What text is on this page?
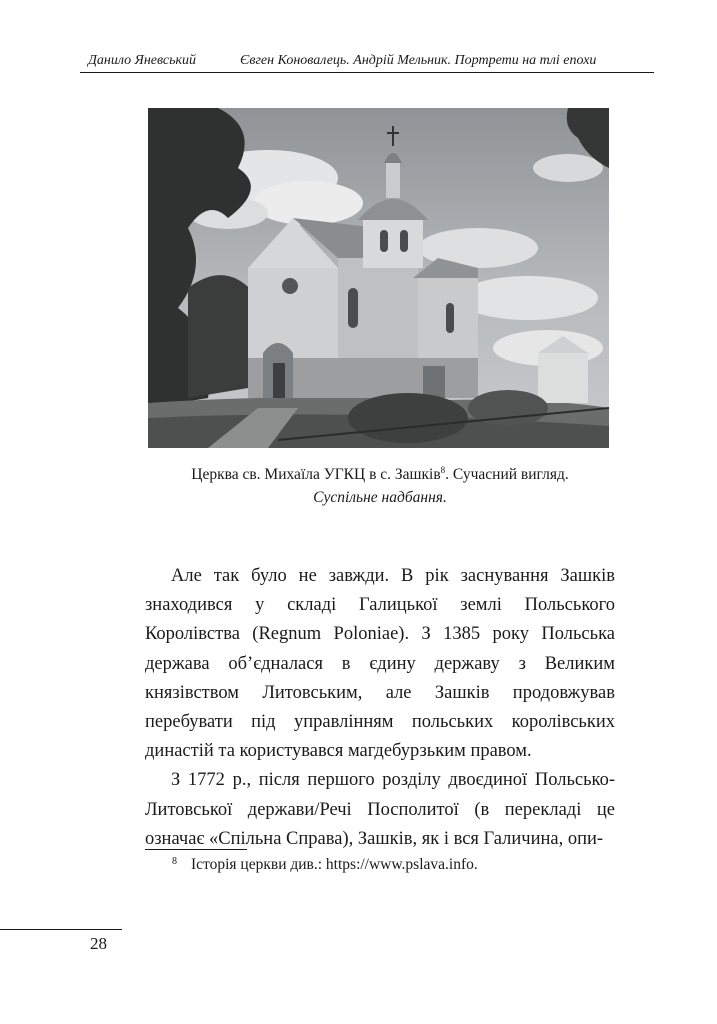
Данило Яневський	Євген Коновалець. Андрій Мельник. Портрети на тлі епохи
Церква св. Михаїла УГКЦ в с. Зашків$^8$. Сучасний вигляд.
Суспільне надбання.

Але так було не завжди. В рік заснування Зашків знаходився у складі Галицької землі Польського Королівства (Regnum Poloniae). З 1385 року Польська держава об’єдналася в єдину державу з Великим князівством Литовським, але Зашків продовжував перебувати під управлінням польських королівських династій та користувався магдебурзьким правом.

З 1772 р., після першого розділу двоєдиної Польсько-Литовської держави/Речі Посполитої (в перекладі це означає «Спільна Справа), Зашків, як і вся Галичина, опи-

$^8$ Історія церкви див.: https://www.pslava.info.
28
